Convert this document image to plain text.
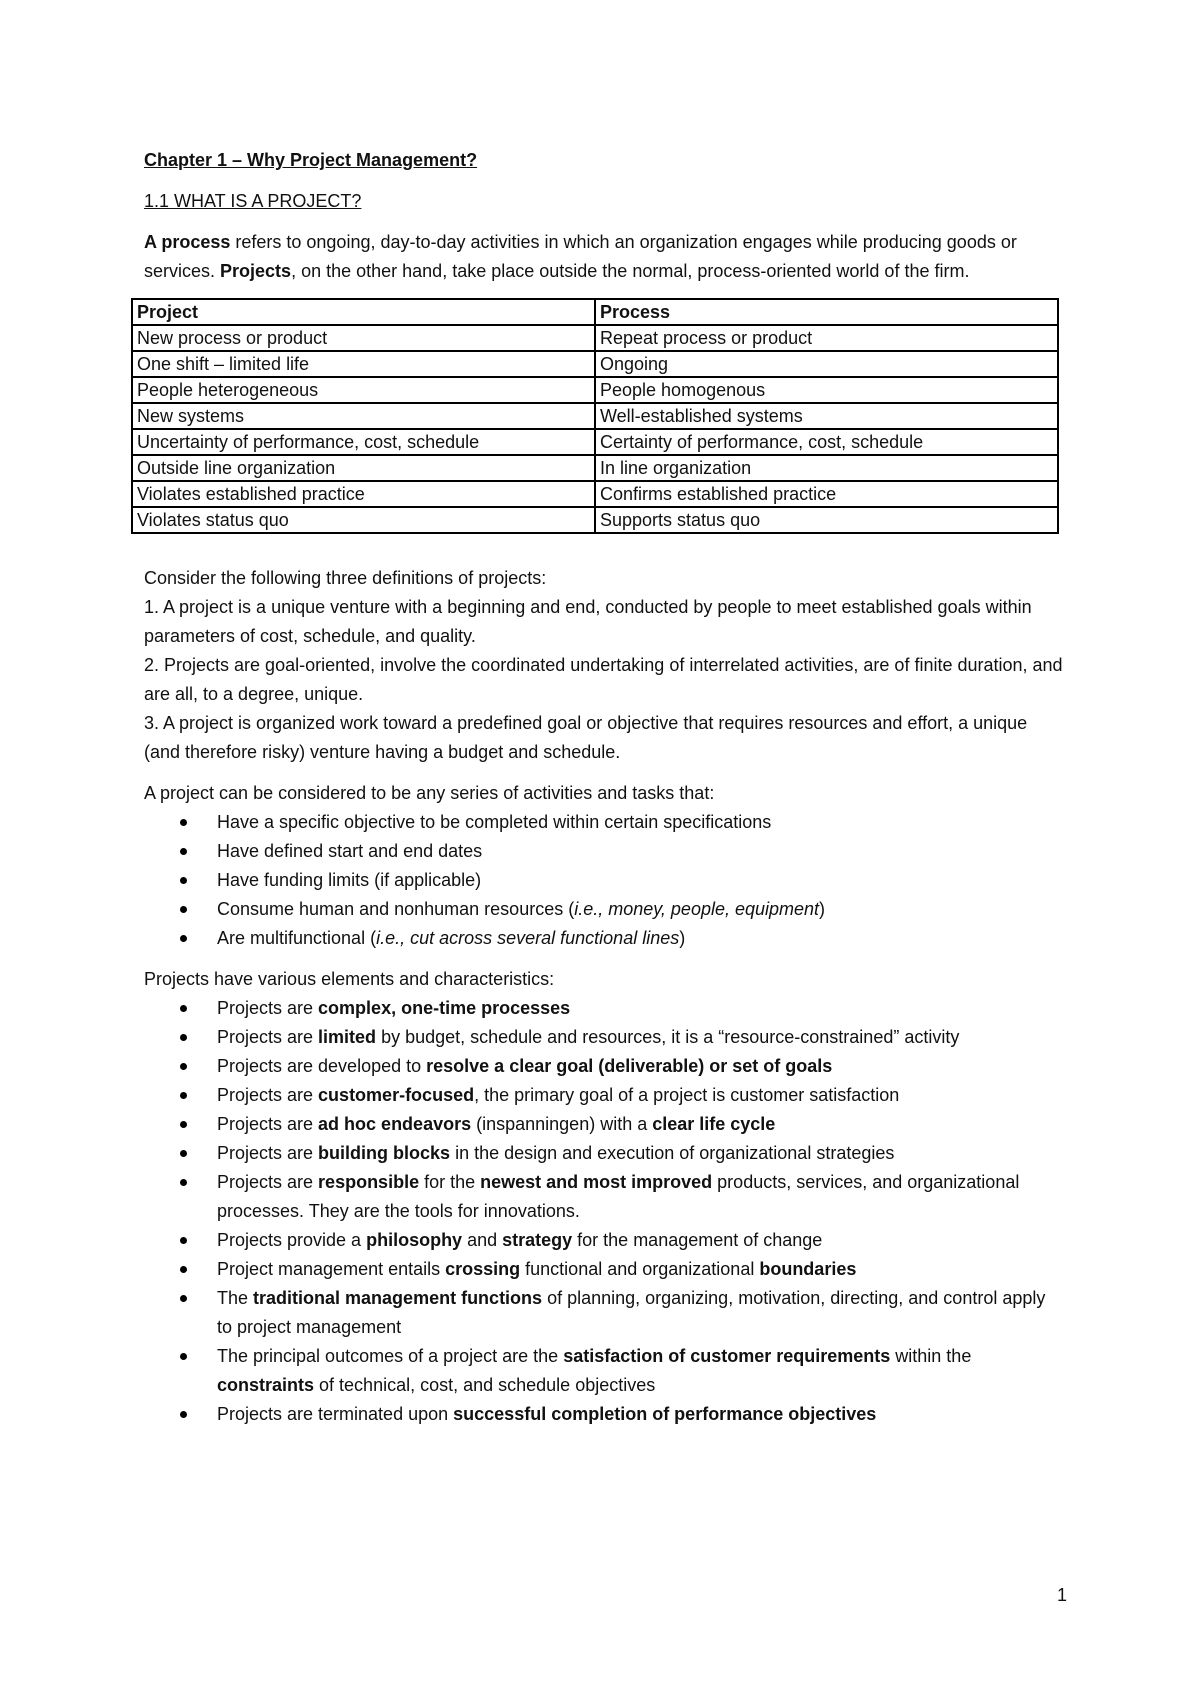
Chapter 1 – Why Project Management?
1.1 WHAT IS A PROJECT?

A process refers to ongoing, day-to-day activities in which an organization engages while producing goods or services. Projects, on the other hand, take place outside the normal, process-oriented world of the firm.

Project	Process
New process or product	Repeat process or product
One shift – limited life	Ongoing
People heterogeneous	People homogenous
New systems	Well-established systems
Uncertainty of performance, cost, schedule	Certainty of performance, cost, schedule
Outside line organization	In line organization
Violates established practice	Confirms established practice
Violates status quo	Supports status quo

Consider the following three definitions of projects:

1. A project is a unique venture with a beginning and end, conducted by people to meet established goals within parameters of cost, schedule, and quality.

2. Projects are goal-oriented, involve the coordinated undertaking of interrelated activities, are of finite duration, and are all, to a degree, unique.

3. A project is organized work toward a predefined goal or objective that requires resources and effort, a unique (and therefore risky) venture having a budget and schedule.

A project can be considered to be any series of activities and tasks that:

Have a specific objective to be completed within certain specifications
Have defined start and end dates
Have funding limits (if applicable)
Consume human and nonhuman resources (i.e., money, people, equipment)
Are multifunctional (i.e., cut across several functional lines)

Projects have various elements and characteristics:

Projects are complex, one-time processes
Projects are limited by budget, schedule and resources, it is a “resource-constrained” activity
Projects are developed to resolve a clear goal (deliverable) or set of goals
Projects are customer-focused, the primary goal of a project is customer satisfaction
Projects are ad hoc endeavors (inspanningen) with a clear life cycle
Projects are building blocks in the design and execution of organizational strategies
Projects are responsible for the newest and most improved products, services, and organizational processes. They are the tools for innovations.
Projects provide a philosophy and strategy for the management of change
Project management entails crossing functional and organizational boundaries
The traditional management functions of planning, organizing, motivation, directing, and control apply to project management
The principal outcomes of a project are the satisfaction of customer requirements within the constraints of technical, cost, and schedule objectives
Projects are terminated upon successful completion of performance objectives
1
